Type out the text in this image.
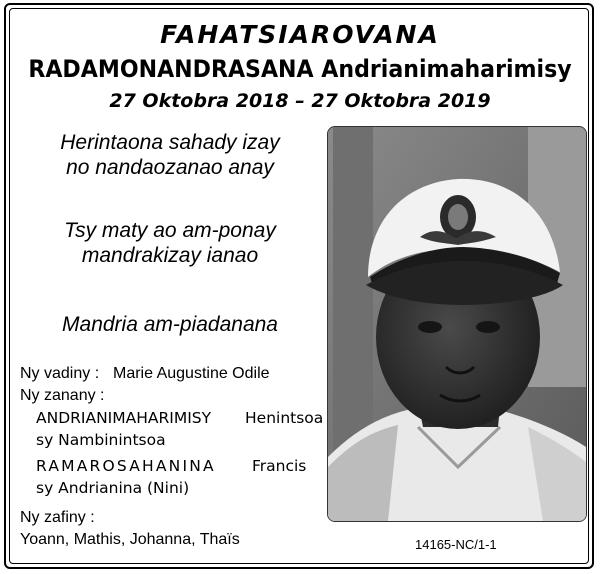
FAHATSIAROVANA
RADAMONANDRASANA Andrianimaharimisy
27 Oktobra 2018 – 27 Oktobra 2019
Herintaona sahady izay
no nandaozanao anay
Tsy maty ao am-ponay
mandrakizay ianao
Mandria am-piadanana
Ny vadiny : Marie Augustine Odile
Ny zanany :
ANDRIANIMAHARIMISY Henintsoa
sy Nambinintsoa
RAMAROSAHANINA Francis
sy Andrianina (Nini)
Ny zafiny :
Yoann, Mathis, Johanna, Thaïs	14165-NC/1-1
